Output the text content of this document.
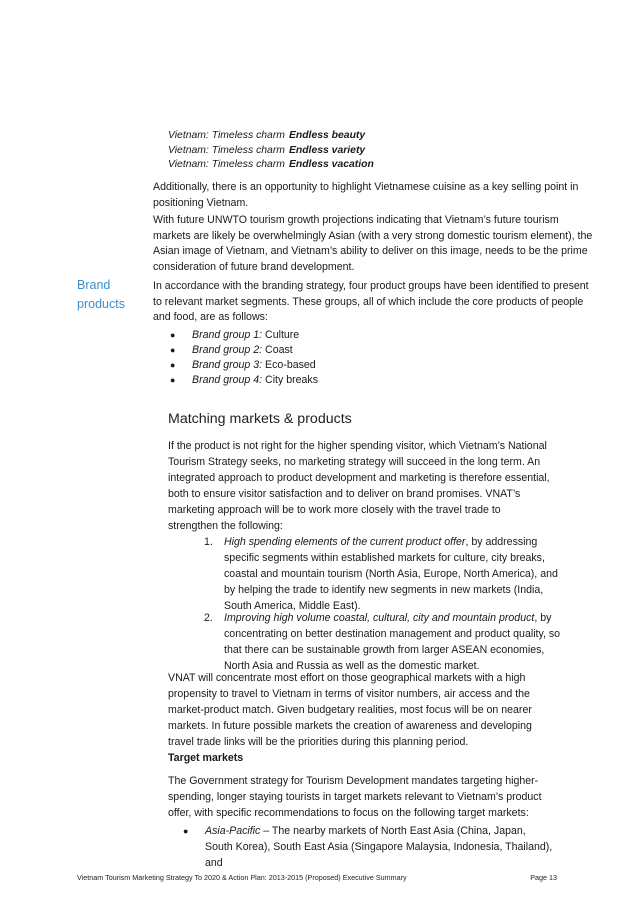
Vietnam: Timeless charm Endless beauty
Vietnam: Timeless charm Endless variety
Vietnam: Timeless charm Endless vacation

Additionally, there is an opportunity to highlight Vietnamese cuisine as a key selling point in positioning Vietnam.

With future UNWTO tourism growth projections indicating that Vietnam’s future tourism markets are likely be overwhelmingly Asian (with a very strong domestic tourism element), the Asian image of Vietnam, and Vietnam’s ability to deliver on this image, needs to be the prime consideration of future brand development.

Brand products

In accordance with the branding strategy, four product groups have been identified to present to relevant market segments. These groups, all of which include the core products of people and food, are as follows:

● Brand group 1: Culture
● Brand group 2: Coast
● Brand group 3: Eco-based
● Brand group 4: City breaks
Matching markets & products

If the product is not right for the higher spending visitor, which Vietnam’s National Tourism Strategy seeks, no marketing strategy will succeed in the long term. An integrated approach to product development and marketing is therefore essential, both to ensure visitor satisfaction and to deliver on brand promises. VNAT’s marketing approach will be to work more closely with the travel trade to strengthen the following:

1. High spending elements of the current product offer, by addressing specific segments within established markets for culture, city breaks, coastal and mountain tourism (North Asia, Europe, North America), and by helping the trade to identify new segments in new markets (India, South America, Middle East).
2. Improving high volume coastal, cultural, city and mountain product, by concentrating on better destination management and product quality, so that there can be sustainable growth from larger ASEAN economies, North Asia and Russia as well as the domestic market.

VNAT will concentrate most effort on those geographical markets with a high propensity to travel to Vietnam in terms of visitor numbers, air access and the market-product match. Given budgetary realities, most focus will be on nearer markets. In future possible markets the creation of awareness and developing travel trade links will be the priorities during this planning period.

Target markets

The Government strategy for Tourism Development mandates targeting higher-spending, longer staying tourists in target markets relevant to Vietnam’s product offer, with specific recommendations to focus on the following target markets:

● Asia-Pacific – The nearby markets of North East Asia (China, Japan, South Korea), South East Asia (Singapore Malaysia, Indonesia, Thailand), and
Vietnam Tourism Marketing Strategy To 2020 & Action Plan: 2013-2015 (Proposed) Executive Summary	Page 13
